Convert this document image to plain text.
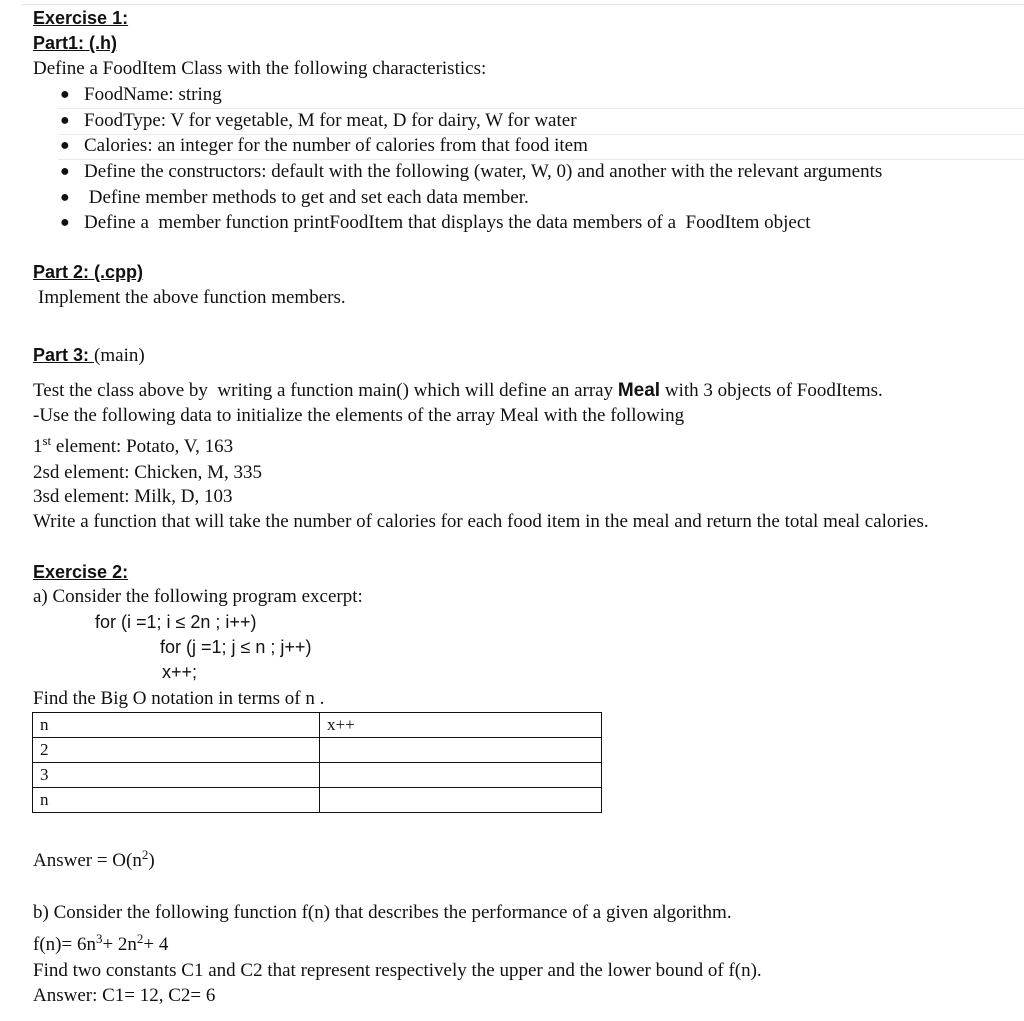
Exercise 1:
Part1: (.h)
Define a FoodItem Class with the following characteristics:
● FoodName: string
● FoodType: V for vegetable, M for meat, D for dairy, W for water
● Calories: an integer for the number of calories from that food item
● Define the constructors: default with the following (water, W, 0) and another with the relevant arguments
● Define member methods to get and set each data member.
● Define a  member function printFoodItem that displays the data members of a  FoodItem object
Part 2: (.cpp)
Implement the above function members.
Part 3: (main)
Test the class above by  writing a function main() which will define an array Meal with 3 objects of FoodItems.
-Use the following data to initialize the elements of the array Meal with the following
1st element: Potato, V, 163
2sd element: Chicken, M, 335
3sd element: Milk, D, 103
Write a function that will take the number of calories for each food item in the meal and return the total meal calories.
Exercise 2:
a) Consider the following program excerpt:
for (i =1; i ≤ 2n ; i++)
for (j =1; j ≤ n ; j++)
x++;
Find the Big O notation in terms of n .
n	x++
2	
3	
n	
Answer = $O(n^2)$
b) Consider the following function f(n) that describes the performance of a given algorithm.
$f(n)= 6n^3+ 2n^2+ 4$
Find two constants C1 and C2 that represent respectively the upper and the lower bound of f(n).
Answer: C1= 12, C2= 6
